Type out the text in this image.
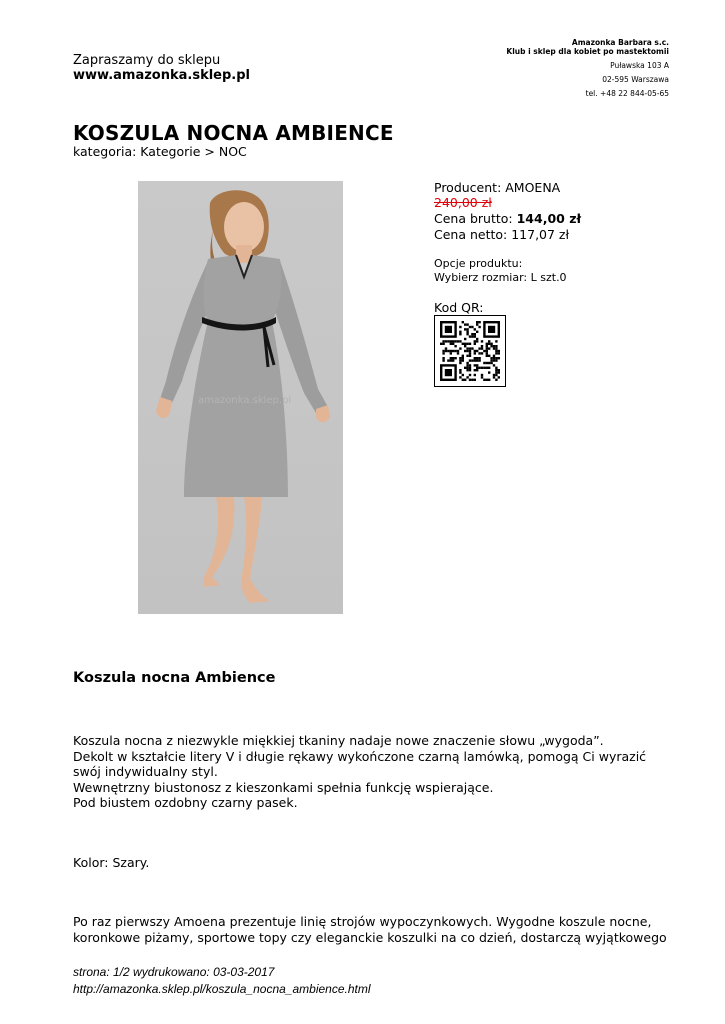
Zapraszamy do sklepu
www.amazonka.sklep.pl
Amazonka Barbara s.c.
Klub i sklep dla kobiet po mastektomii
Puławska 103 A
02-595 Warszawa
tel. +48 22 844-05-65
KOSZULA NOCNA AMBIENCE
kategoria: Kategorie > NOC
amazonka.sklep.pl
Producent: AMOENA
240,00 zł
Cena brutto: 144,00 zł
Cena netto: 117,07 zł
Opcje produktu:
Wybierz rozmiar: L szt.0
Kod QR:
Koszula nocna Ambience
Koszula nocna z niezwykle miękkiej tkaniny nadaje nowe znaczenie słowu „wygoda”.
Dekolt w kształcie litery V i długie rękawy wykończone czarną lamówką, pomogą Ci wyrazić swój indywidualny styl.
Wewnętrzny biustonosz z kieszonkami spełnia funkcję wspierające.
Pod biustem ozdobny czarny pasek.
Kolor: Szary.
Po raz pierwszy Amoena prezentuje linię strojów wypoczynkowych. Wygodne koszule nocne, koronkowe piżamy, sportowe topy czy eleganckie koszulki na co dzień, dostarczą wyjątkowego
strona: 1/2 wydrukowano: 03-03-2017
http://amazonka.sklep.pl/koszula_nocna_ambience.html
